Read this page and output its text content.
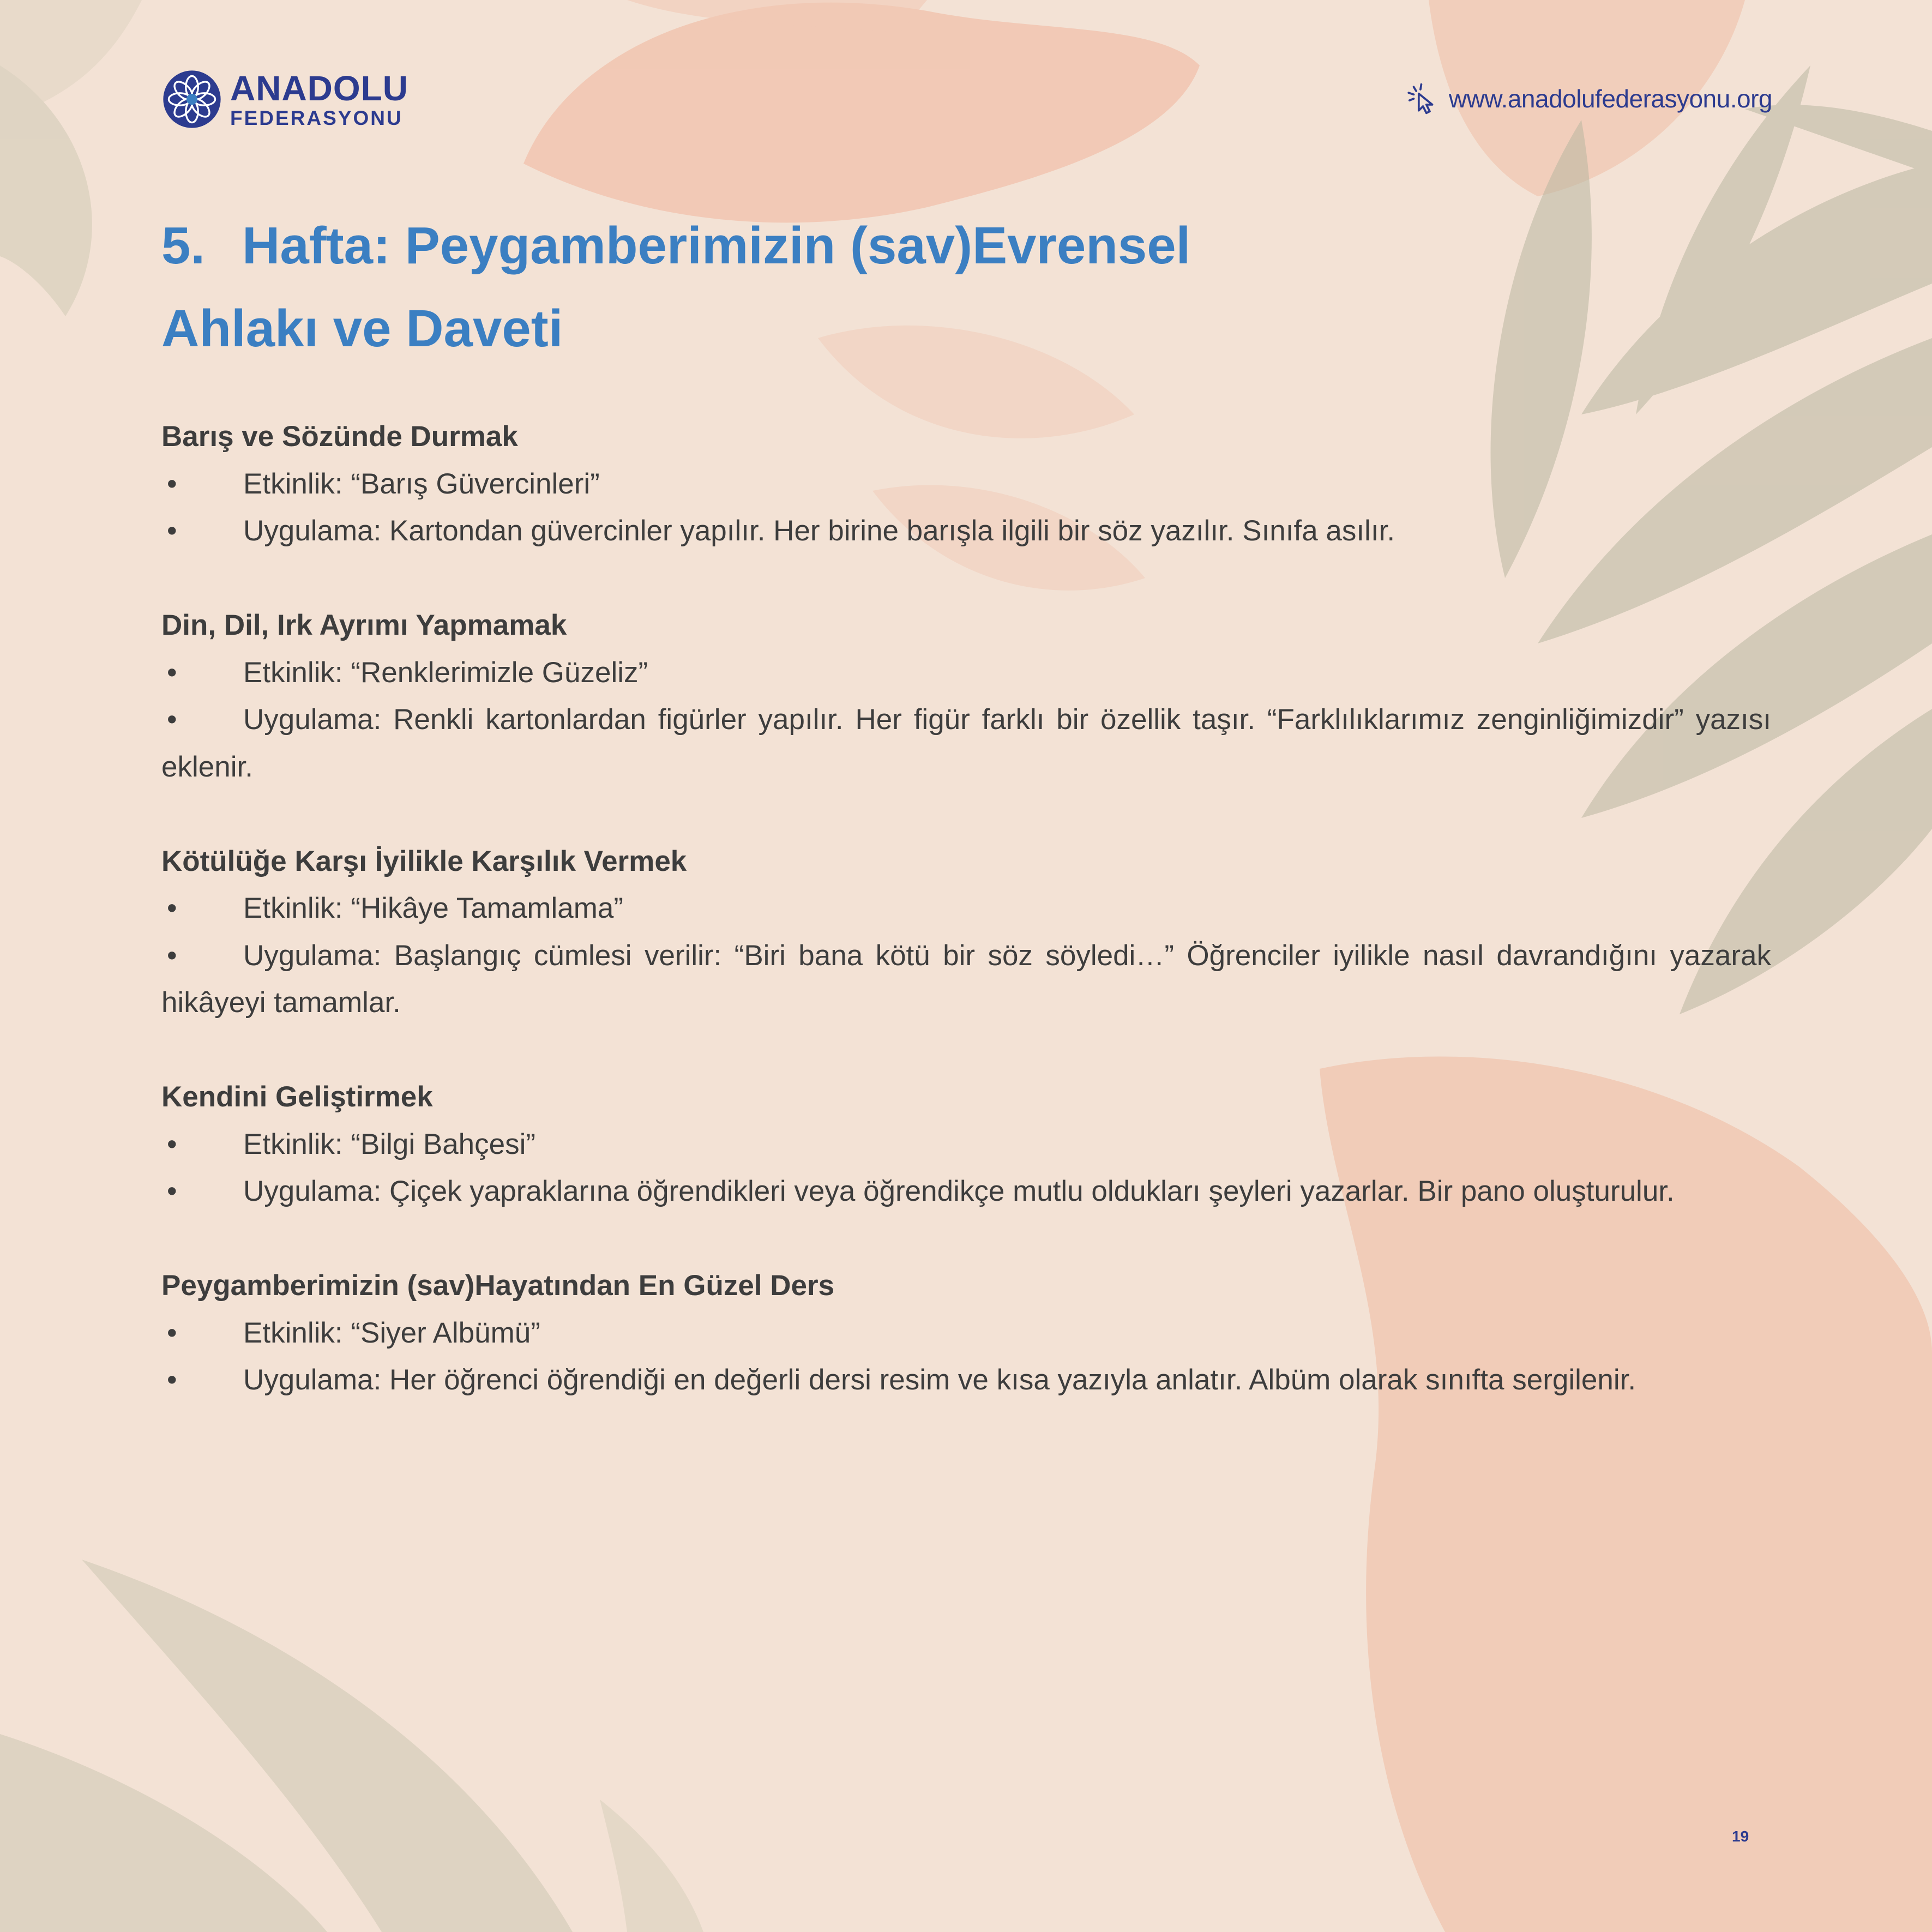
ANADOLU
FEDERASYONU
www.anadolufederasyonu.org
5. Hafta: Peygamberimizin (sav)Evrensel
Ahlakı ve Daveti
Barış ve Sözünde Durmak
• Etkinlik: “Barış Güvercinleri”
• Uygulama: Kartondan güvercinler yapılır. Her birine barışla ilgili bir söz yazılır. Sınıfa asılır.
Din, Dil, Irk Ayrımı Yapmamak
• Etkinlik: “Renklerimizle Güzeliz”
• Uygulama: Renkli kartonlardan figürler yapılır. Her figür farklı bir özellik taşır. “Farklılıklarımız zenginliğimizdir” yazısı eklenir.
Kötülüğe Karşı İyilikle Karşılık Vermek
• Etkinlik: “Hikâye Tamamlama”
• Uygulama: Başlangıç cümlesi verilir: “Biri bana kötü bir söz söyledi…” Öğrenciler iyilikle nasıl davrandığını yazarak hikâyeyi tamamlar.
Kendini Geliştirmek
• Etkinlik: “Bilgi Bahçesi”
• Uygulama: Çiçek yapraklarına öğrendikleri veya öğrendikçe mutlu oldukları şeyleri yazarlar. Bir pano oluşturulur.
Peygamberimizin (sav)Hayatından En Güzel Ders
• Etkinlik: “Siyer Albümü”
• Uygulama: Her öğrenci öğrendiği en değerli dersi resim ve kısa yazıyla anlatır. Albüm olarak sınıfta sergilenir.
19
